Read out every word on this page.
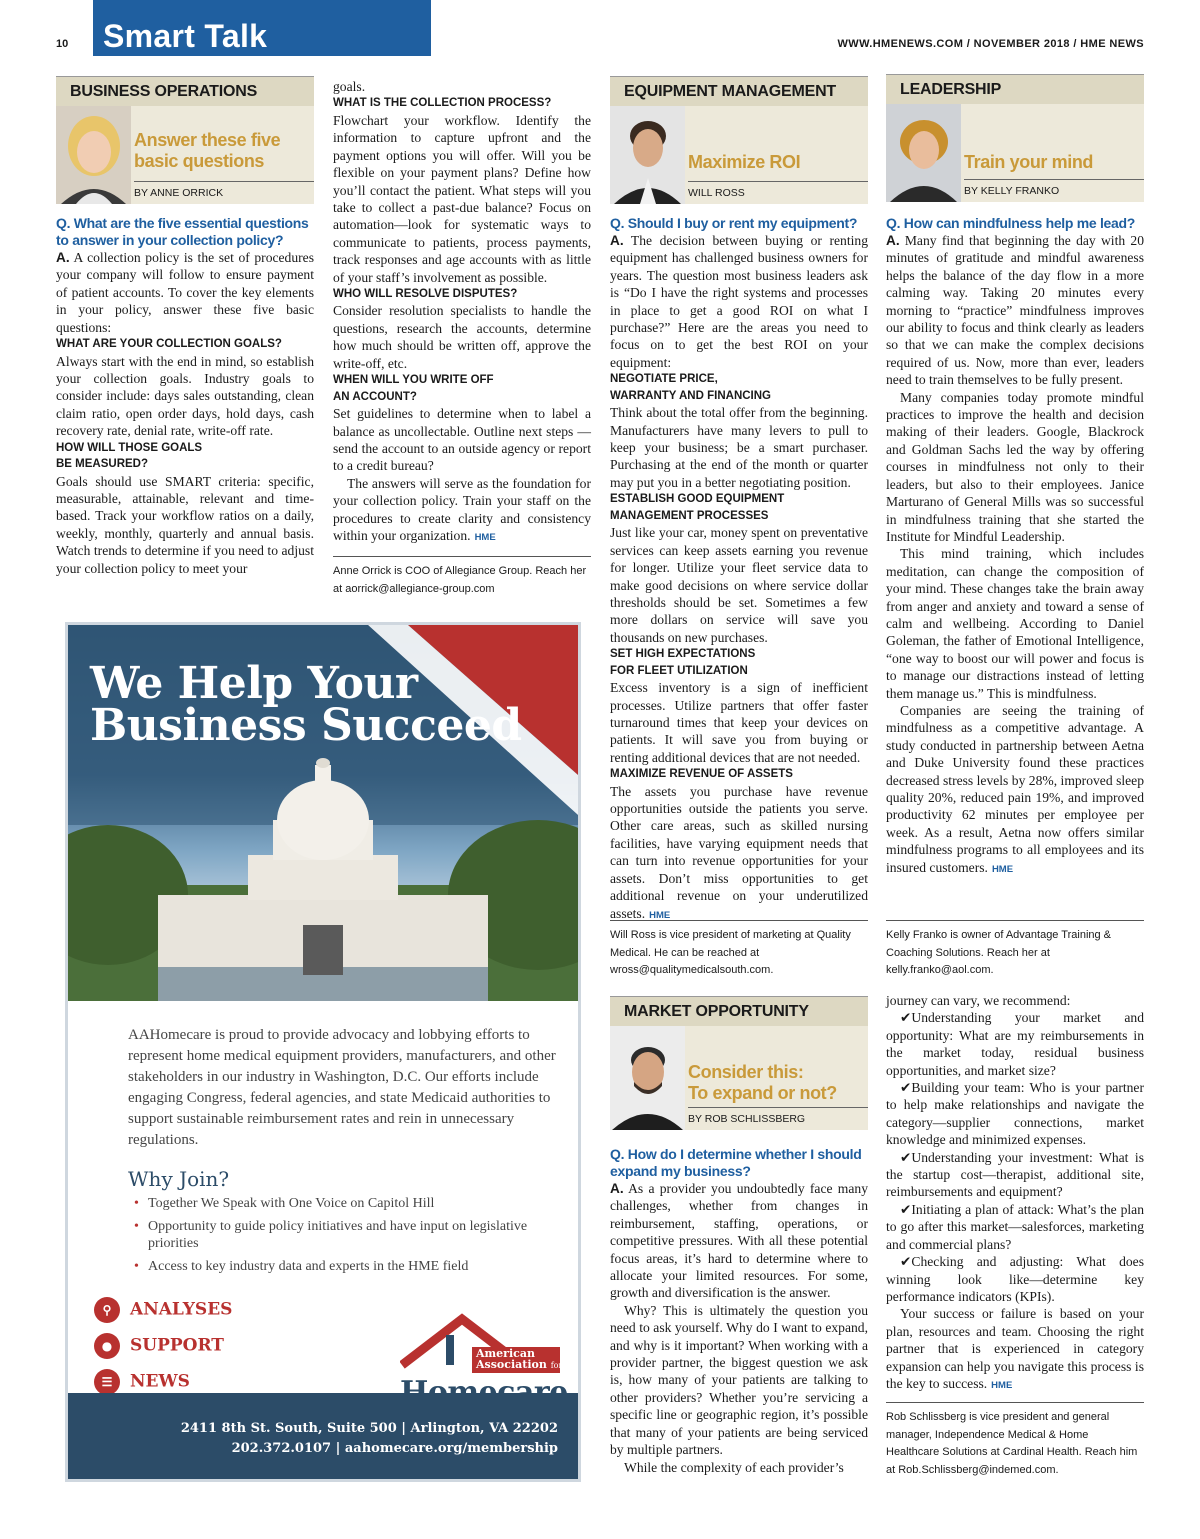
10 Smart Talk	WWW.HMENEWS.COM / NOVEMBER 2018 / HME NEWS
BUSINESS OPERATIONS
Answer these five
basic questions
BY ANNE ORRICK

Q. What are the five essential questions to answer in your collection policy?

A. A collection policy is the set of procedures your company will follow to ensure payment of patient accounts. To cover the key elements in your policy, answer these five basic questions:

WHAT ARE YOUR COLLECTION GOALS?

Always start with the end in mind, so establish your collection goals. Industry goals to consider include: days sales outstanding, clean claim ratio, open order days, hold days, cash recovery rate, denial rate, write-off rate.

HOW WILL THOSE GOALS

BE MEASURED?

Goals should use SMART criteria: specific, measurable, attainable, relevant and time-based. Track your workflow ratios on a daily, weekly, monthly, quarterly and annual basis. Watch trends to determine if you need to adjust your collection policy to meet your

goals.

WHAT IS THE COLLECTION PROCESS?

Flowchart your workflow. Identify the information to capture upfront and the payment options you will offer. Will you be flexible on your payment plans? Define how you’ll contact the patient. What steps will you take to collect a past-due balance? Focus on automation—look for systematic ways to communicate to patients, process payments, track responses and age accounts with as little of your staff’s involvement as possible.

WHO WILL RESOLVE DISPUTES?

Consider resolution specialists to handle the questions, research the accounts, determine how much should be written off, approve the write-off, etc.

WHEN WILL YOU WRITE OFF

AN ACCOUNT?

Set guidelines to determine when to label a balance as uncollectable. Outline next steps —send the account to an outside agency or report to a credit bureau?

The answers will serve as the foundation for your collection policy. Train your staff on the procedures to create clarity and consistency within your organization. HME

Anne Orrick is COO of Allegiance Group. Reach her at aorrick@allegiance-group.com
EQUIPMENT MANAGEMENT
Maximize ROI
WILL ROSS

Q. Should I buy or rent my equipment?

A. The decision between buying or renting equipment has challenged business owners for years. The question most business leaders ask is “Do I have the right systems and processes in place to get a good ROI on what I purchase?” Here are the areas you need to focus on to get the best ROI on your equipment:

NEGOTIATE PRICE,

WARRANTY AND FINANCING

Think about the total offer from the beginning. Manufacturers have many levers to pull to keep your business; be a smart purchaser. Purchasing at the end of the month or quarter may put you in a better negotiating position.

ESTABLISH GOOD EQUIPMENT

MANAGEMENT PROCESSES

Just like your car, money spent on preventative services can keep assets earning you revenue for longer. Utilize your fleet service data to make good decisions on where service dollar thresholds should be set. Sometimes a few more dollars on service will save you thousands on new purchases.

SET HIGH EXPECTATIONS

FOR FLEET UTILIZATION

Excess inventory is a sign of inefficient processes. Utilize partners that offer faster turnaround times that keep your devices on patients. It will save you from buying or renting additional devices that are not needed.

MAXIMIZE REVENUE OF ASSETS

The assets you purchase have revenue opportunities outside the patients you serve. Other care areas, such as skilled nursing facilities, have varying equipment needs that can turn into revenue opportunities for your assets. Don’t miss opportunities to get additional revenue on your underutilized assets. HME

Will Ross is vice president of marketing at Quality Medical. He can be reached at wross@qualitymedicalsouth.com.
LEADERSHIP
Train your mind
BY KELLY FRANKO

Q. How can mindfulness help me lead?

A. Many find that beginning the day with 20 minutes of gratitude and mindful awareness helps the balance of the day flow in a more calming way. Taking 20 minutes every morning to “practice” mindfulness improves our ability to focus and think clearly as leaders so that we can make the complex decisions required of us. Now, more than ever, leaders need to train themselves to be fully present.

Many companies today promote mindful practices to improve the health and decision making of their leaders. Google, Blackrock and Goldman Sachs led the way by offering courses in mindfulness not only to their leaders, but also to their employees. Janice Marturano of General Mills was so successful in mindfulness training that she started the Institute for Mindful Leadership.

This mind training, which includes meditation, can change the composition of your mind. These changes take the brain away from anger and anxiety and toward a sense of calm and wellbeing. According to Daniel Goleman, the father of Emotional Intelligence, “one way to boost our will power and focus is to manage our distractions instead of letting them manage us.” This is mindfulness.

Companies are seeing the training of mindfulness as a competitive advantage. A study conducted in partnership between Aetna and Duke University found these practices decreased stress levels by 28%, improved sleep quality 20%, reduced pain 19%, and improved productivity 62 minutes per employee per week. As a result, Aetna now offers similar mindfulness programs to all employees and its insured customers. HME

Kelly Franko is owner of Advantage Training & Coaching Solutions. Reach her at kelly.franko@aol.com.
MARKET OPPORTUNITY
Consider this:
To expand or not?
BY ROB SCHLISSBERG

Q. How do I determine whether I should expand my business?

A. As a provider you undoubtedly face many challenges, whether from changes in reimbursement, staffing, operations, or competitive pressures. With all these potential focus areas, it’s hard to determine where to allocate your limited resources. For some, growth and diversification is the answer.

Why? This is ultimately the question you need to ask yourself. Why do I want to expand, and why is it important? When working with a provider partner, the biggest question we ask is, how many of your patients are talking to other providers? Whether you’re servicing a specific line or geographic region, it’s possible that many of your patients are being serviced by multiple partners.

While the complexity of each provider’s

journey can vary, we recommend:

✔Understanding your market and opportunity: What are my reimbursements in the market today, residual business opportunities, and market size?

✔Building your team: Who is your partner to help make relationships and navigate the category—supplier connections, market knowledge and minimized expenses.

✔Understanding your investment: What is the startup cost—therapist, additional site, reimbursements and equipment?

✔Initiating a plan of attack: What’s the plan to go after this market—salesforces, marketing and commercial plans?

✔Checking and adjusting: What does winning look like—determine key performance indicators (KPIs).

Your success or failure is based on your plan, resources and team. Choosing the right partner that is experienced in category expansion can help you navigate this process is the key to success. HME

Rob Schlissberg is vice president and general manager, Independence Medical & Home Healthcare Solutions at Cardinal Health. Reach him at Rob.Schlissberg@indemed.com.
We Help Your
Business Succeed
AAHomecare is proud to provide advocacy and lobbying efforts to represent home medical equipment providers, manufacturers, and other stakeholders in our industry in Washington, D.C. Our efforts include engaging Congress, federal agencies, and state Medicaid authorities to support sustainable reimbursement rates and rein in unnecessary regulations.
Why Join?
• Together We Speak with One Voice on Capitol Hill
• Opportunity to guide policy initiatives and have input on legislative priorities
• Access to key industry data and experts in the HME field
⚲ ANALYSES
● SUPPORT
☰ NEWS
American
Association for
2411 8th St. South, Suite 500 | Arlington, VA 22202
202.372.0107 | aahomecare.org/membership
